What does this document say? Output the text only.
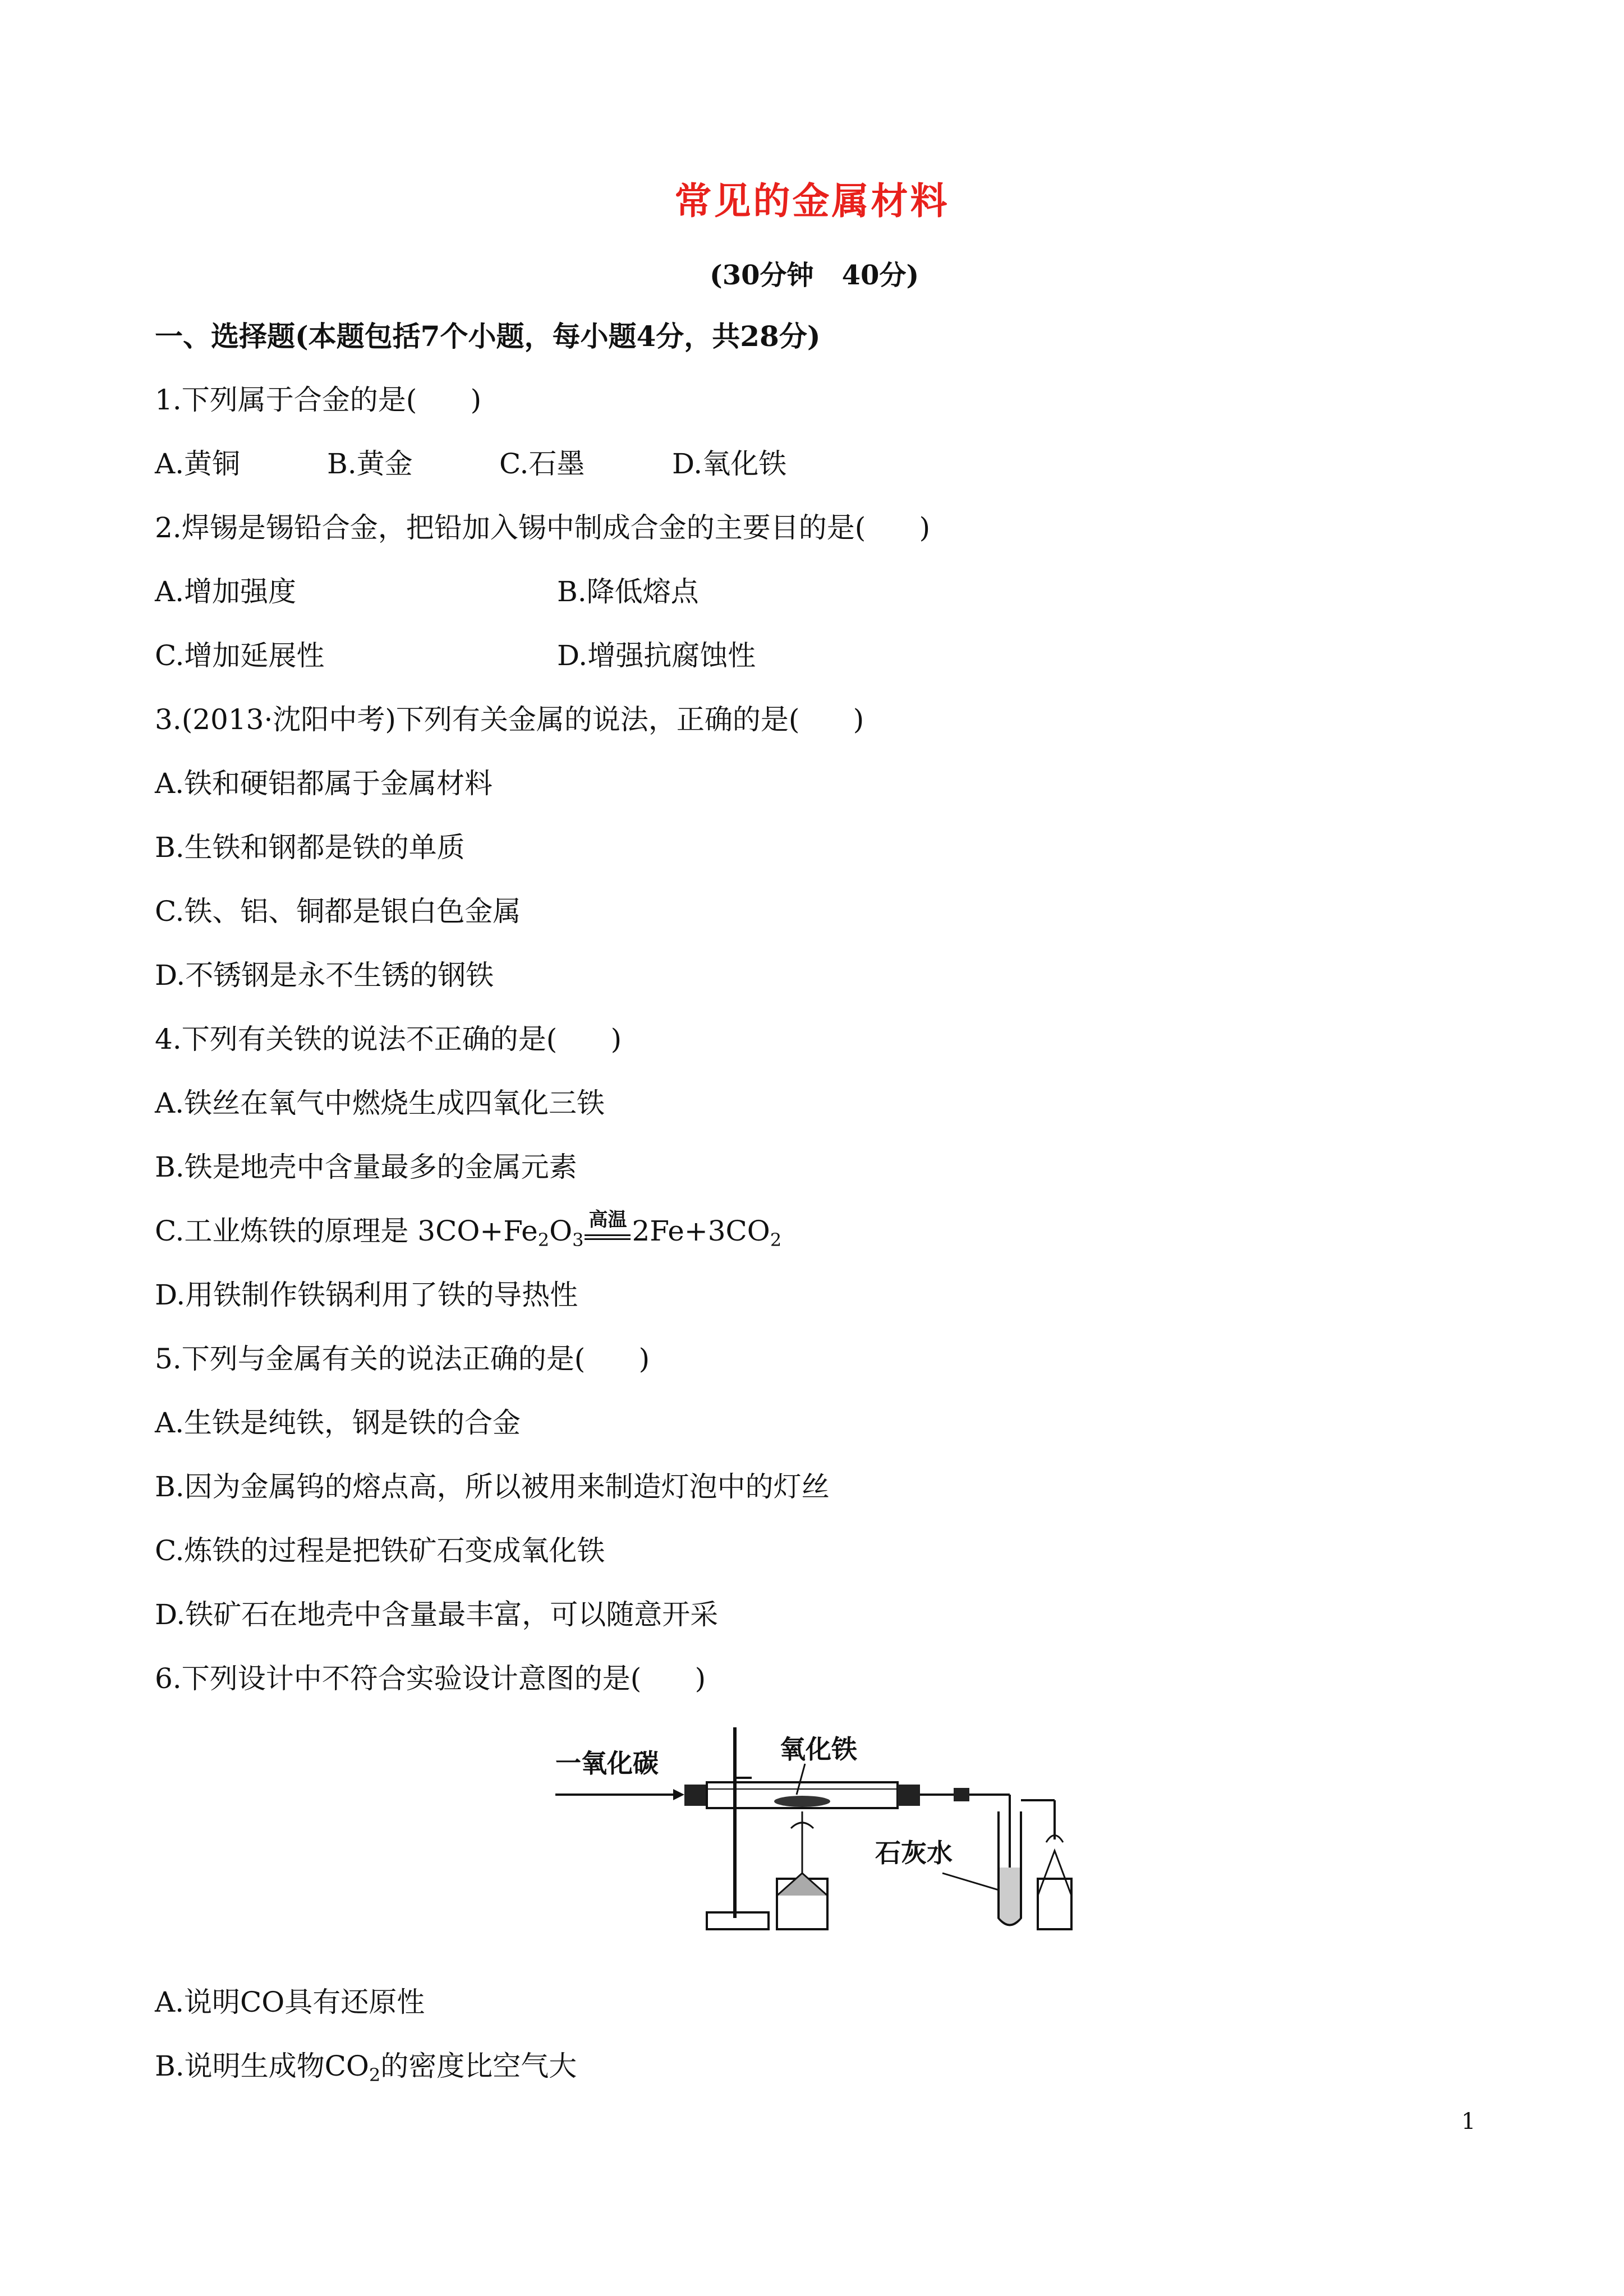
常见的金属材料
(30分钟   40分)
一、选择题(本题包括7个小题，每小题4分，共28分)
1.下列属于合金的是(      )
A.黄铜	B.黄金	C.石墨	D.氧化铁
2.焊锡是锡铅合金，把铅加入锡中制成合金的主要目的是(      )
A.增加强度	B.降低熔点
C.增加延展性	D.增强抗腐蚀性
3.(2013·沈阳中考)下列有关金属的说法，正确的是(      )
A.铁和硬铝都属于金属材料
B.生铁和钢都是铁的单质
C.铁、铝、铜都是银白色金属
D.不锈钢是永不生锈的钢铁
4.下列有关铁的说法不正确的是(      )
A.铁丝在氧气中燃烧生成四氧化三铁
B.铁是地壳中含量最多的金属元素
C.工业炼铁的原理是 $3CO+Fe_2O_3$
高温 $2Fe+3CO_2$
D.用铁制作铁锅利用了铁的导热性
5.下列与金属有关的说法正确的是(      )
A.生铁是纯铁，钢是铁的合金
B.因为金属钨的熔点高，所以被用来制造灯泡中的灯丝
C.炼铁的过程是把铁矿石变成氧化铁
D.铁矿石在地壳中含量最丰富，可以随意开采
6.下列设计中不符合实验设计意图的是(      )
一氧化碳	氧化铁
石灰水
A.说明CO具有还原性
B.说明生成物$CO_2$的密度比空气大
1
